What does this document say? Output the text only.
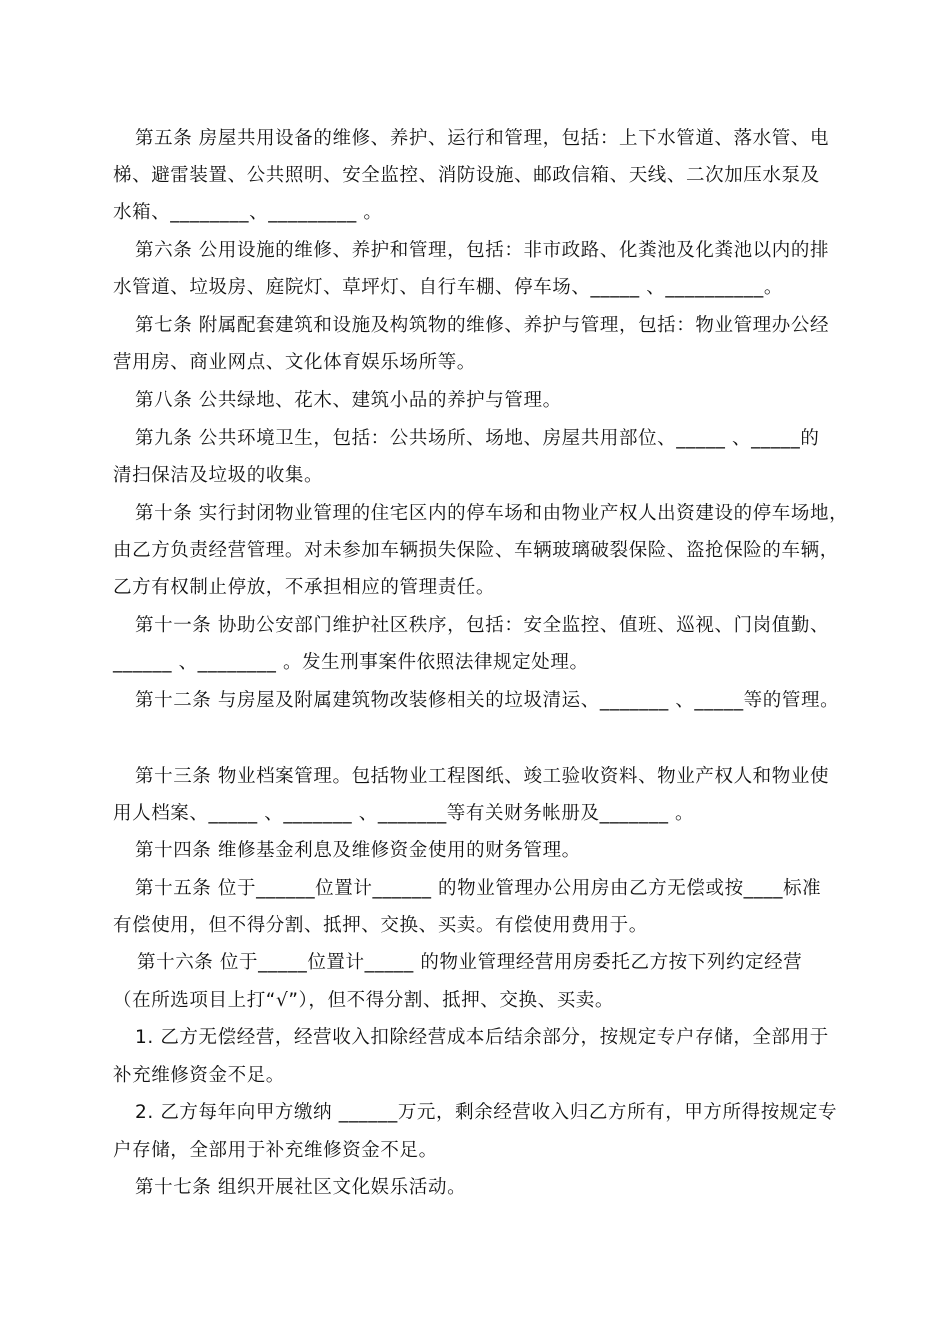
第五条 房屋共用设备的维修、养护、运行和管理，包括：上下水管道、落水管、电
梯、避雷装置、公共照明、安全监控、消防设施、邮政信箱、天线、二次加压水泵及
水箱、________、_________ 。
第六条 公用设施的维修、养护和管理，包括：非市政路、化粪池及化粪池以内的排
水管道、垃圾房、庭院灯、草坪灯、自行车棚、停车场、_____ 、__________。
第七条 附属配套建筑和设施及构筑物的维修、养护与管理，包括：物业管理办公经
营用房、商业网点、文化体育娱乐场所等。
第八条 公共绿地、花木、建筑小品的养护与管理。
第九条 公共环境卫生，包括：公共场所、场地、房屋共用部位、_____ 、_____的
清扫保洁及垃圾的收集。
第十条 实行封闭物业管理的住宅区内的停车场和由物业产权人出资建设的停车场地，
由乙方负责经营管理。对未参加车辆损失保险、车辆玻璃破裂保险、盗抢保险的车辆，
乙方有权制止停放，不承担相应的管理责任。
第十一条 协助公安部门维护社区秩序，包括：安全监控、值班、巡视、门岗值勤、
______ 、________ 。发生刑事案件依照法律规定处理。
第十二条 与房屋及附属建筑物改装修相关的垃圾清运、_______ 、_____等的管理。
第十三条 物业档案管理。包括物业工程图纸、竣工验收资料、物业产权人和物业使
用人档案、_____ 、_______ 、_______等有关财务帐册及_______ 。
第十四条 维修基金利息及维修资金使用的财务管理。
第十五条 位于______位置计______ 的物业管理办公用房由乙方无偿或按____标准
有偿使用，但不得分割、抵押、交换、买卖。有偿使用费用于。
第十六条 位于_____位置计_____ 的物业管理经营用房委托乙方按下列约定经营
（在所选项目上打“√”），但不得分割、抵押、交换、买卖。
1. 乙方无偿经营，经营收入扣除经营成本后结余部分，按规定专户存储，全部用于
补充维修资金不足。
2. 乙方每年向甲方缴纳 ______万元，剩余经营收入归乙方所有，甲方所得按规定专
户存储，全部用于补充维修资金不足。
第十七条 组织开展社区文化娱乐活动。
